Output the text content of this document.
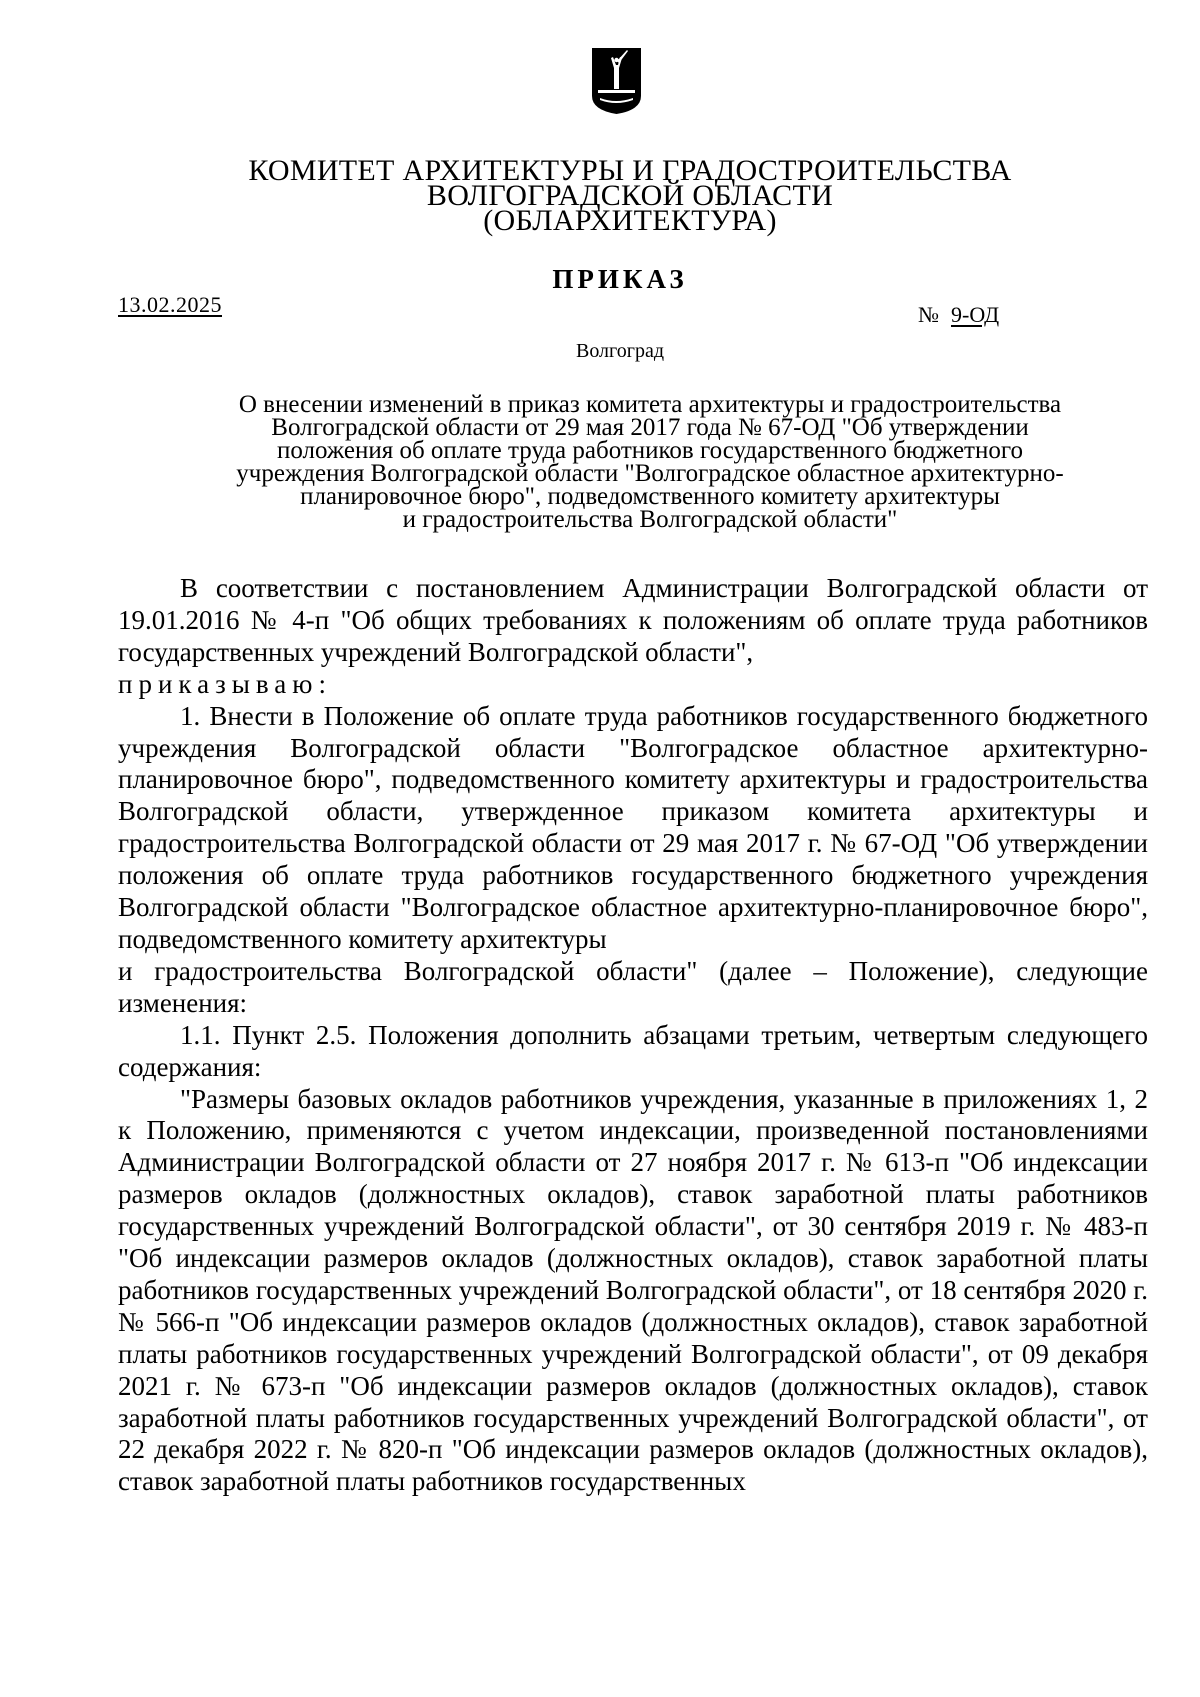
КОМИТЕТ АРХИТЕКТУРЫ И ГРАДОСТРОИТЕЛЬСТВА
ВОЛГОГРАДСКОЙ ОБЛАСТИ
(ОБЛАРХИТЕКТУРА)
ПРИКАЗ
13.02.2025	№ 9-ОД
Волгоград
О внесении изменений в приказ комитета архитектуры и градостроительства
Волгоградской области от 29 мая 2017 года № 67-ОД "Об утверждении
положения об оплате труда работников государственного бюджетного
учреждения Волгоградской области "Волгоградское областное архитектурно-
планировочное бюро", подведомственного комитету архитектуры
и градостроительства Волгоградской области"

В соответствии с постановлением Администрации Волгоградской области от 19.01.2016 № 4-п "Об общих требованиях к положениям об оплате труда работников государственных учреждений Волгоградской области",

приказываю:

1. Внести в Положение об оплате труда работников государственного бюджетного учреждения Волгоградской области "Волгоградское областное архитектурно-планировочное бюро", подведомственного комитету архитектуры и градостроительства Волгоградской области, утвержденное приказом комитета архитектуры и градостроительства Волгоградской области от 29 мая 2017 г. № 67-ОД "Об утверждении положения об оплате труда работников государственного бюджетного учреждения Волгоградской области "Волгоградское областное архитектурно-планировочное бюро", подведомственного комитету архитектуры

и градостроительства Волгоградской области" (далее – Положение), следующие изменения:

1.1. Пункт 2.5. Положения дополнить абзацами третьим, четвертым следующего содержания:

"Размеры базовых окладов работников учреждения, указанные в приложениях 1, 2 к Положению, применяются с учетом индексации, произведенной постановлениями Администрации Волгоградской области от 27 ноября 2017 г. № 613-п "Об индексации размеров окладов (должностных окладов), ставок заработной платы работников государственных учреждений Волгоградской области", от 30 сентября 2019 г. № 483-п "Об индексации размеров окладов (должностных окладов), ставок заработной платы работников государственных учреждений Волгоградской области", от 18 сентября 2020 г. № 566-п "Об индексации размеров окладов (должностных окладов), ставок заработной платы работников государственных учреждений Волгоградской области", от 09 декабря 2021 г. № 673-п "Об индексации размеров окладов (должностных окладов), ставок заработной платы работников государственных учреждений Волгоградской области", от 22 декабря 2022 г. № 820-п "Об индексации размеров окладов (должностных окладов), ставок заработной платы работников государственных
